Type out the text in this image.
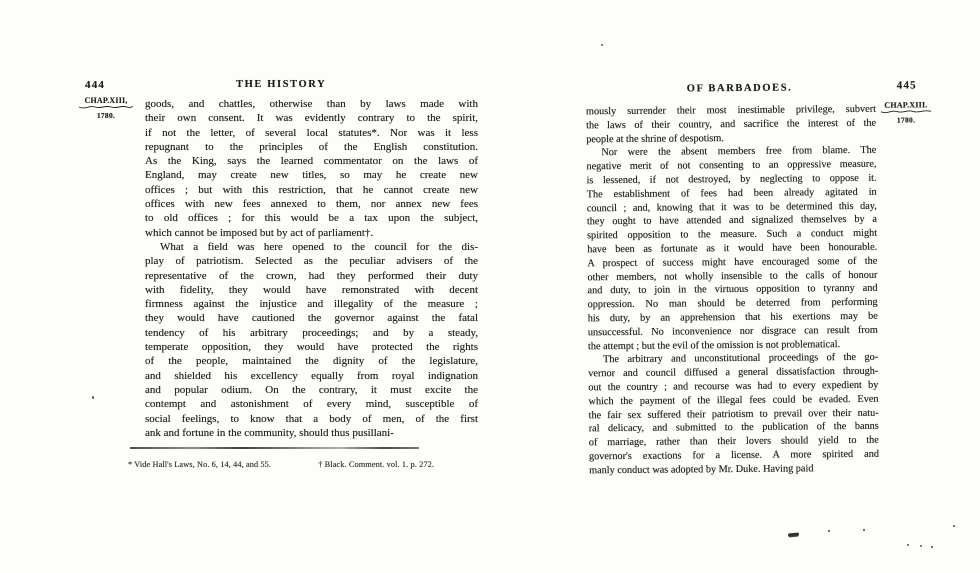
444	THE HISTORY
CHAP.XIII,
1780.
goods, and chattles, otherwise than by laws made with
their own consent. It was evidently contrary to the spirit,
if not the letter, of several local statutes*. Nor was it less
repugnant to the principles of the English constitution.
As the King, says the learned commentator on the laws of
England, may create new titles, so may he create new
offices ; but with this restriction, that he cannot create new
offices with new fees annexed to them, nor annex new fees
to old offices ; for this would be a tax upon the subject,
which cannot be imposed but by act of parliament†.
What a field was here opened to the council for the dis-
play of patriotism. Selected as the peculiar advisers of the
representative of the crown, had they performed their duty
with fidelity, they would have remonstrated with decent
firmness against the injustice and illegality of the measure ;
they would have cautioned the governor against the fatal
tendency of his arbitrary proceedings; and by a steady,
temperate opposition, they would have protected the rights
of the people, maintained the dignity of the legislature,
and shielded his excellency equally from royal indignation
and popular odium. On the contrary, it must excite the
contempt and astonishment of every mind, susceptible of
social feelings, to know that a body of men, of the first
ank and fortune in the community, should thus pusillani-
* Vide Hall's Laws, No. 6, 14, 44, and 55.	† Black. Comment. vol. 1. p. 272.
OF BARBADOES.	445
CHAP.XIII.
1780.
mously surrender their most inestimable privilege, subvert
the laws of their country, and sacrifice the interest of the
people at the shrine of despotism.
Nor were the absent members free from blame. The
negative merit of not consenting to an oppressive measure,
is lessened, if not destroyed, by neglecting to oppose it.
The establishment of fees had been already agitated in
council ; and, knowing that it was to be determined this day,
they ought to have attended and signalized themselves by a
spirited opposition to the measure. Such a conduct might
have been as fortunate as it would have been honourable.
A prospect of success might have encouraged some of the
other members, not wholly insensible to the calls of honour
and duty, to join in the virtuous opposition to tyranny and
oppression. No man should be deterred from performing
his duty, by an apprehension that his exertions may be
unsuccessful. No inconvenience nor disgrace can result from
the attempt ; but the evil of the omission is not problematical.
The arbitrary and unconstitutional proceedings of the go-
vernor and council diffused a general dissatisfaction through-
out the country ; and recourse was had to every expedient by
which the payment of the illegal fees could be evaded. Even
the fair sex suffered their patriotism to prevail over their natu-
ral delicacy, and submitted to the publication of the banns
of marriage, rather than their lovers should yield to the
governor's exactions for a license. A more spirited and
manly conduct was adopted by Mr. Duke. Having paid
